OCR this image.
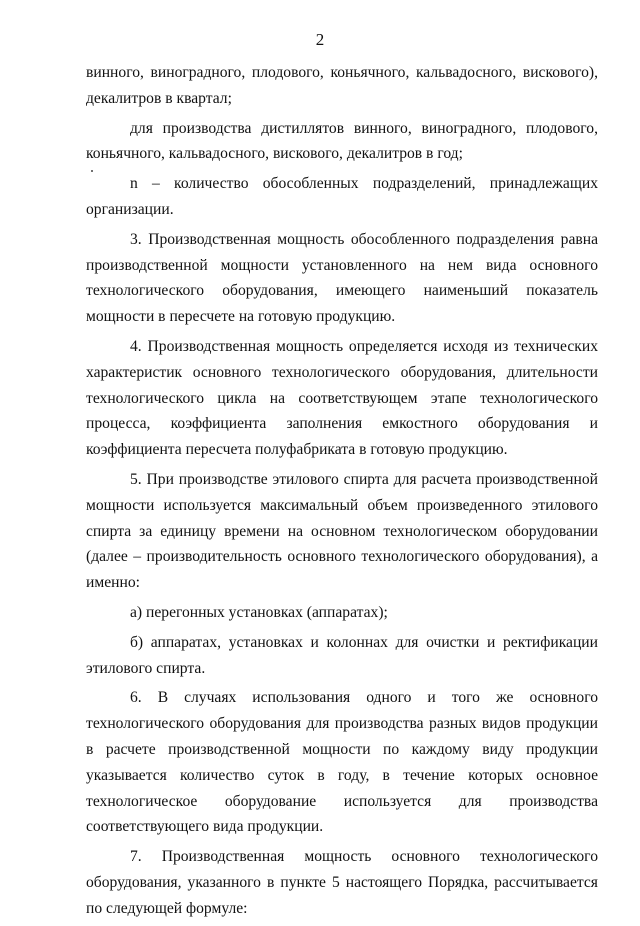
2

винного, виноградного, плодового, коньячного, кальвадосного, вискового), декалитров в квартал;

для производства дистиллятов винного, виноградного, плодового, коньячного, кальвадосного, вискового, декалитров в год;

n – количество обособленных подразделений, принадлежащих организации.

3. Производственная мощность обособленного подразделения равна производственной мощности установленного на нем вида основного технологического оборудования, имеющего наименьший показатель мощности в пересчете на готовую продукцию.

4. Производственная мощность определяется исходя из технических характеристик основного технологического оборудования, длительности технологического цикла на соответствующем этапе технологического процесса, коэффициента заполнения емкостного оборудования и коэффициента пересчета полуфабриката в готовую продукцию.

5. При производстве этилового спирта для расчета производственной мощности используется максимальный объем произведенного этилового спирта за единицу времени на основном технологическом оборудовании (далее – производительность основного технологического оборудования), а именно:

а) перегонных установках (аппаратах);

б) аппаратах, установках и колоннах для очистки и ректификации этилового спирта.

6. В случаях использования одного и того же основного технологического оборудования для производства разных видов продукции в расчете производственной мощности по каждому виду продукции указывается количество суток в году, в течение которых основное технологическое оборудование используется для производства соответствующего вида продукции.

7. Производственная мощность основного технологического оборудования, указанного в пункте 5 настоящего Порядка, рассчитывается по следующей формуле:
